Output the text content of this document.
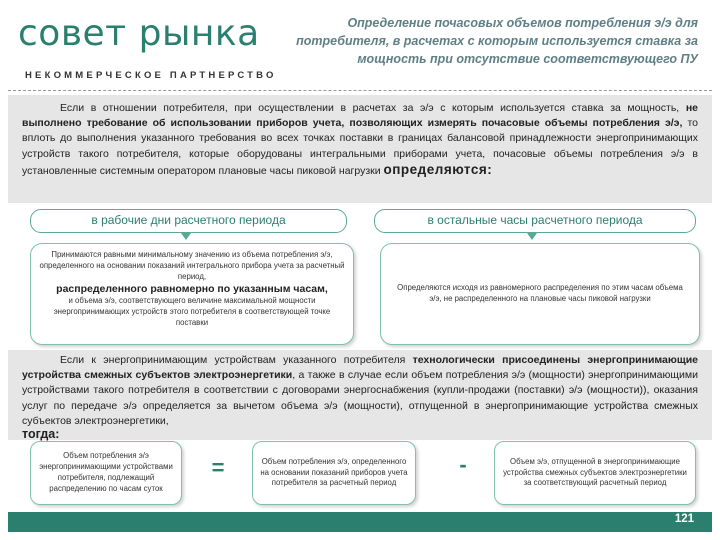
совет рынка
НЕКОММЕРЧЕСКОЕ ПАРТНЕРСТВО
Определение почасовых объемов потребления э/э для потребителя, в расчетах с которым используется ставка за мощность при отсутствие соответствующего ПУ
Если в отношении потребителя, при осуществлении в расчетах за э/э с которым используется ставка за мощность, не выполнено требование об использовании приборов учета, позволяющих измерять почасовые объемы потребления э/э, то вплоть до выполнения указанного требования во всех точках поставки в границах балансовой принадлежности энергопринимающих устройств такого потребителя, которые оборудованы интегральными приборами учета, почасовые объемы потребления э/э в установленные системным оператором плановые часы пиковой нагрузки определяются:
в рабочие дни расчетного периода	в остальные часы расчетного периода
Принимаются равными минимальному значению из объема потребления э/э, определенного на основании показаний интегрального прибора учета за расчетный период,
распределенного равномерно по указанным часам,
и объема э/э, соответствующего величине максимальной мощности энергопринимающих устройств этого потребителя в соответствующей точке поставки
Определяются исходя из равномерного распределения по этим часам объема э/э, не распределенного на плановые часы пиковой нагрузки
Если к энергопринимающим устройствам указанного потребителя технологически присоединены энергопринимающие устройства смежных субъектов электроэнергетики, а также в случае если объем потребления э/э (мощности) энергопринимающими устройствами такого потребителя в соответствии с договорами энергоснабжения (купли-продажи (поставки) э/э (мощности)), оказания услуг по передаче э/э определяется за вычетом объема э/э (мощности), отпущенной в энергопринимающие устройства смежных субъектов электроэнергетики,
тогда:
Объем потребления э/э энергопринимающими устройствами потребителя, подлежащий распределению по часам суток
=	Объем потребления э/э, определенного на основании показаний приборов учета потребителя за расчетный период
-	Объем э/э, отпущенной в энергопринимающие устройства смежных субъектов электроэнергетики за соответствующий расчетный период
121
